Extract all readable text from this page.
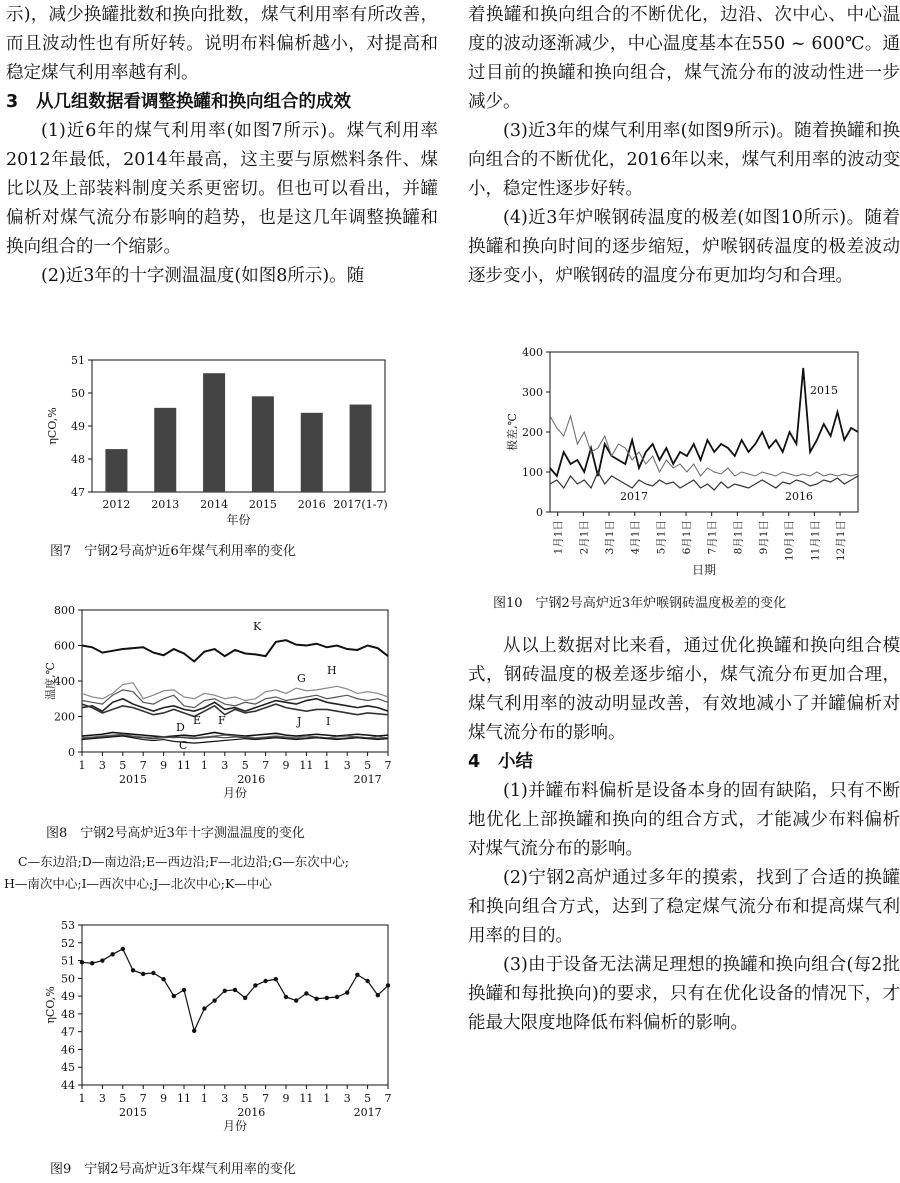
示)，减少换罐批数和换向批数，煤气利用率有所改善，而且波动性也有所好转。说明布料偏析越小，对提高和稳定煤气利用率越有利。

3 从几组数据看调整换罐和换向组合的成效

(1)近6年的煤气利用率(如图7所示)。煤气利用率2012年最低，2014年最高，这主要与原燃料条件、煤比以及上部装料制度关系更密切。但也可以看出，并罐偏析对煤气流分布影响的趋势，也是这几年调整换罐和换向组合的一个缩影。

(2)近3年的十字测温温度(如图8所示)。随

47
48
49
50
51
2012 2013 2014 2015 2016 2017(1-7)
年份
ηCO,%
图7　宁钢2号高炉近6年煤气利用率的变化
0
200
400
600
800
1 3 5 7 9 11 1 3 5 7 9 11 1 3 5 7
2015	2016	2017
月份
温度,℃
K
H
G
J I
D
E F
C
图8　宁钢2号高炉近3年十字测温温度的变化
C—东边沿;D—南边沿;E—西边沿;F—北边沿;G—东次中心;
H—南次中心;I—西次中心;J—北次中心;K—中心
44
45
46
47
48
49
50
51
52
53
1 3 5 7 9 11 1 3 5 7 9 11 1 3 5 7
2015	2016	2017
月份
ηCO,%
图9　宁钢2号高炉近3年煤气利用率的变化

着换罐和换向组合的不断优化，边沿、次中心、中心温度的波动逐渐减少，中心温度基本在550 ~ 600℃。通过目前的换罐和换向组合，煤气流分布的波动性进一步减少。

(3)近3年的煤气利用率(如图9所示)。随着换罐和换向组合的不断优化，2016年以来，煤气利用率的波动变小，稳定性逐步好转。

(4)近3年炉喉钢砖温度的极差(如图10所示)。随着换罐和换向时间的逐步缩短，炉喉钢砖温度的极差波动逐步变小，炉喉钢砖的温度分布更加均匀和合理。

0
100
200
300
400
1月1日 2月1日 3月1日 4月1日 5月1日 6月1日 7月1日 8月1日 9月1日 10月1日 11月1日 12月1日
日期
极差,℃
2015
2017	2016
图10　宁钢2号高炉近3年炉喉钢砖温度极差的变化

从以上数据对比来看，通过优化换罐和换向组合模式，钢砖温度的极差逐步缩小，煤气流分布更加合理，煤气利用率的波动明显改善，有效地减小了并罐偏析对煤气流分布的影响。

4 小结

(1)并罐布料偏析是设备本身的固有缺陷，只有不断地优化上部换罐和换向的组合方式，才能减少布料偏析对煤气流分布的影响。

(2)宁钢2高炉通过多年的摸索，找到了合适的换罐和换向组合方式，达到了稳定煤气流分布和提高煤气利用率的目的。

(3)由于设备无法满足理想的换罐和换向组合(每2批换罐和每批换向)的要求，只有在优化设备的情况下，才能最大限度地降低布料偏析的影响。
